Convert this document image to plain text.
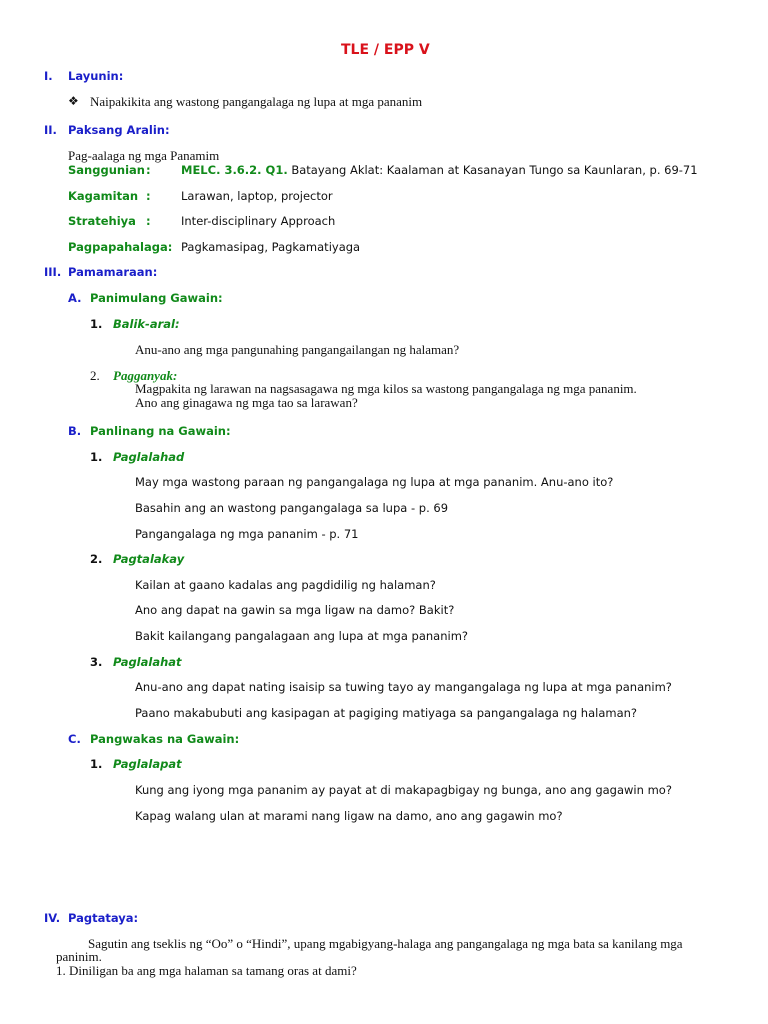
TLE / EPP V
I. Layunin:
❖ Naipakikita ang wastong pangangalaga ng lupa at mga pananim
II. Paksang Aralin:
Pag-aalaga ng mga Panamim
Sanggunian :	MELC. 3.6.2. Q1. Batayang Aklat: Kaalaman at Kasanayan Tungo sa Kaunlaran, p. 69-71
Kagamitan :	Larawan, laptop, projector
Stratehiya :	Inter-disciplinary Approach
Pagpapahalaga: Pagkamasipag, Pagkamatiyaga
III. Pamamaraan:
A. Panimulang Gawain:
1. Balik-aral:
Anu-ano ang mga pangunahing pangangailangan ng halaman?
2. Pagganyak:
Magpakita ng larawan na nagsasagawa ng mga kilos sa wastong pangangalaga ng mga pananim.
Ano ang ginagawa ng mga tao sa larawan?
B. Panlinang na Gawain:
1. Paglalahad
May mga wastong paraan ng pangangalaga ng lupa at mga pananim. Anu-ano ito?
Basahin ang an wastong pangangalaga sa lupa - p. 69
Pangangalaga ng mga pananim - p. 71
2. Pagtalakay
Kailan at gaano kadalas ang pagdidilig ng halaman?
Ano ang dapat na gawin sa mga ligaw na damo? Bakit?
Bakit kailangang pangalagaan ang lupa at mga pananim?
3. Paglalahat
Anu-ano ang dapat nating isaisip sa tuwing tayo ay mangangalaga ng lupa at mga pananim?
Paano makabubuti ang kasipagan at pagiging matiyaga sa pangangalaga ng halaman?
C. Pangwakas na Gawain:
1. Paglalapat
Kung ang iyong mga pananim ay payat at di makapagbigay ng bunga, ano ang gagawin mo?
Kapag walang ulan at marami nang ligaw na damo, ano ang gagawin mo?
IV. Pagtataya:
Sagutin ang tseklis ng “Oo” o “Hindi”, upang mgabigyang-halaga ang pangangalaga ng mga bata sa kanilang mga
paninim.
1. Diniligan ba ang mga halaman sa tamang oras at dami?
